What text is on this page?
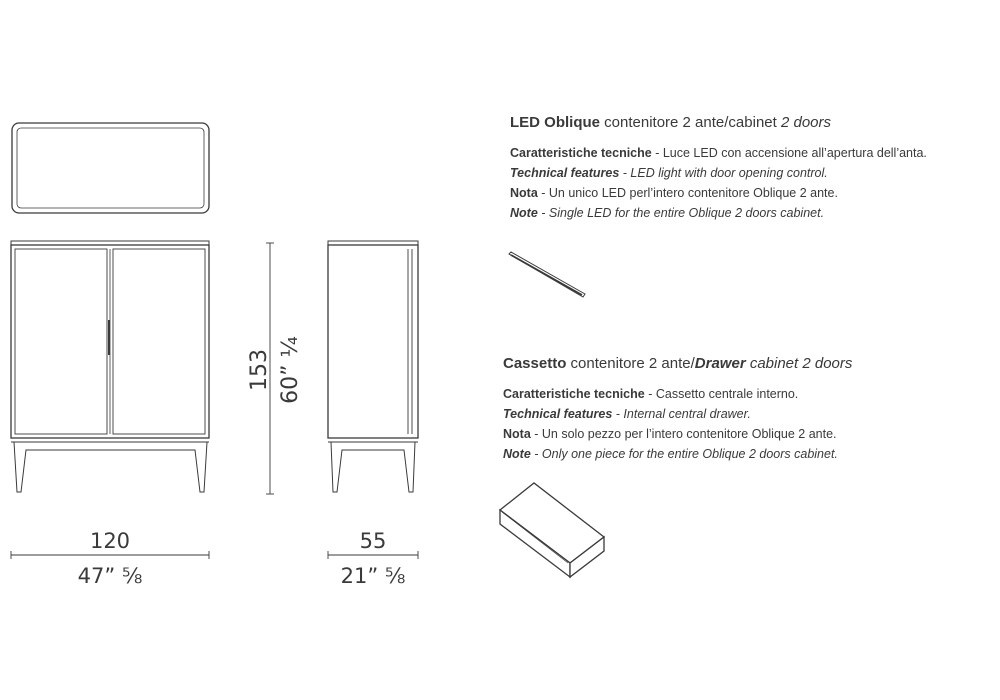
153 60” ¼
120
47” ⅝
55
21” ⅝
LED Oblique contenitore 2 ante/cabinet 2 doors
Caratteristiche tecniche - Luce LED con accensione all’apertura dell’anta.
Technical features - LED light with door opening control.
Nota - Un unico LED perl’intero contenitore Oblique 2 ante.
Note - Single LED for the entire Oblique 2 doors cabinet.
Cassetto contenitore 2 ante/Drawer cabinet 2 doors
Caratteristiche tecniche - Cassetto centrale interno.
Technical features - Internal central drawer.
Nota - Un solo pezzo per l’intero contenitore Oblique 2 ante.
Note - Only one piece for the entire Oblique 2 doors cabinet.
